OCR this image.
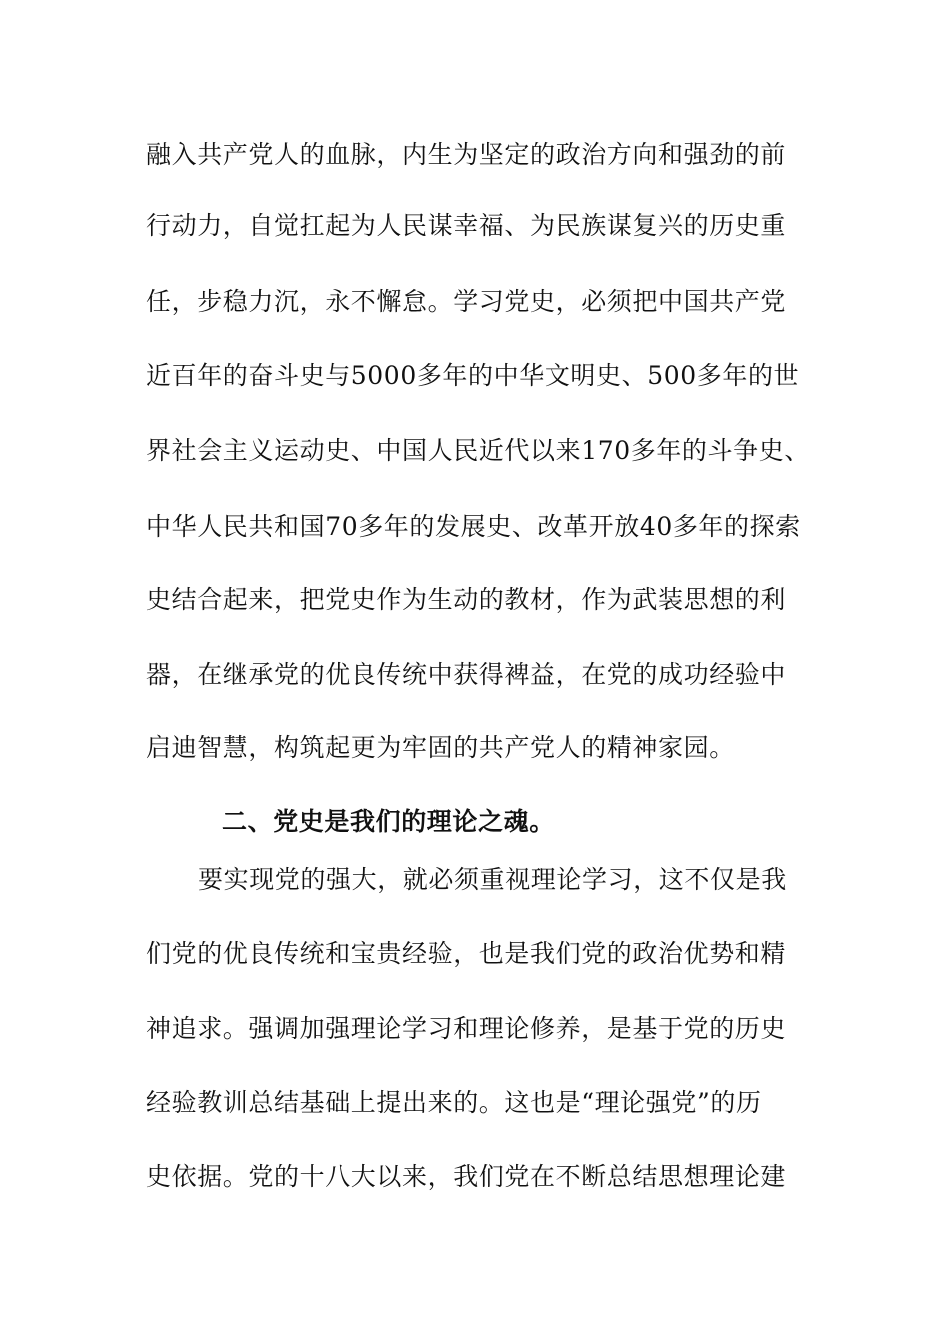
融入共产党人的血脉，内生为坚定的政治方向和强劲的前
行动力，自觉扛起为人民谋幸福、为民族谋复兴的历史重
任，步稳力沉，永不懈怠。学习党史，必须把中国共产党
近百年的奋斗史与5000多年的中华文明史、500多年的世
界社会主义运动史、中国人民近代以来170多年的斗争史、
中华人民共和国70多年的发展史、改革开放40多年的探索
史结合起来，把党史作为生动的教材，作为武装思想的利
器，在继承党的优良传统中获得裨益，在党的成功经验中
启迪智慧，构筑起更为牢固的共产党人的精神家园。
二、党史是我们的理论之魂。
要实现党的强大，就必须重视理论学习，这不仅是我
们党的优良传统和宝贵经验，也是我们党的政治优势和精
神追求。强调加强理论学习和理论修养，是基于党的历史
经验教训总结基础上提出来的。这也是“理论强党”的历
史依据。党的十八大以来，我们党在不断总结思想理论建
